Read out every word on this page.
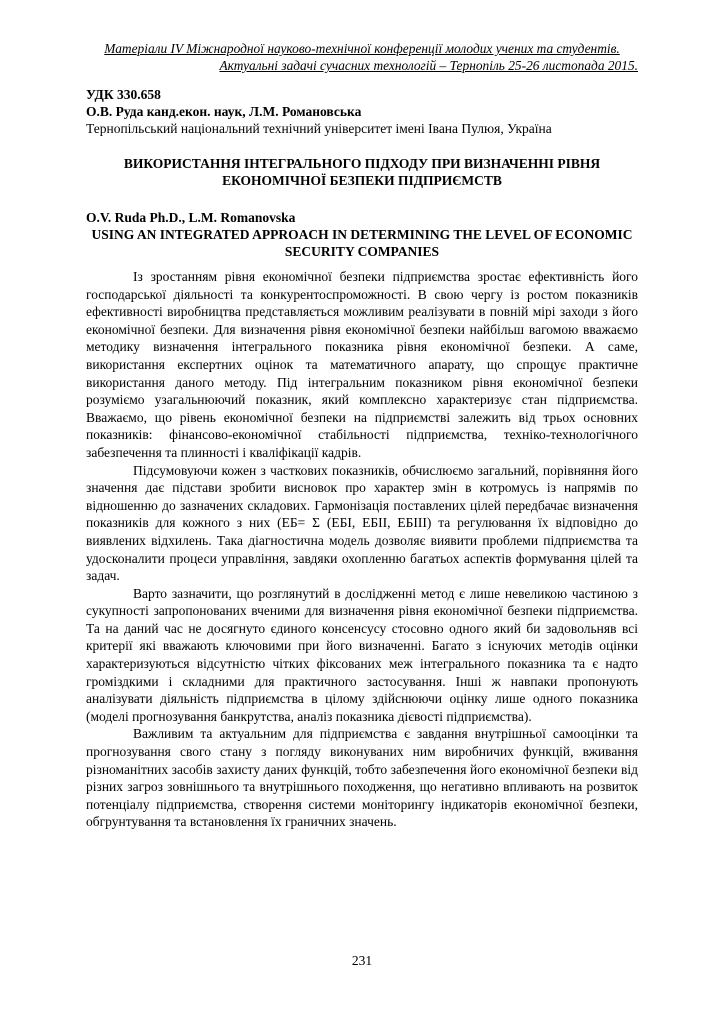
Матеріали IV Міжнародної науково-технічної конференції молодих учених та студентів.
Актуальні задачі сучасних технологій – Тернопіль 25-26 листопада 2015.
УДК 330.658
О.В. Руда канд.екон. наук, Л.М. Романовська
Тернопільський національний технічний університет імені Івана Пулюя, Україна
ВИКОРИСТАННЯ ІНТЕГРАЛЬНОГО ПІДХОДУ ПРИ ВИЗНАЧЕННІ РІВНЯ ЕКОНОМІЧНОЇ БЕЗПЕКИ ПІДПРИЄМСТВ
O.V. Ruda Ph.D., L.M. Romanovska
USING AN INTEGRATED APPROACH IN DETERMINING THE LEVEL OF ECONOMIC SECURITY COMPANIES

Із зростанням рівня економічної безпеки підприємства зростає ефективність його господарської діяльності та конкурентоспроможності. В свою чергу із ростом показників ефективності виробництва представляється можливим реалізувати в повній мірі заходи з його економічної безпеки. Для визначення рівня економічної безпеки найбільш вагомою вважаємо методику визначення інтегрального показника рівня економічної безпеки. А саме, використання експертних оцінок та математичного апарату, що спрощує практичне використання даного методу. Під інтегральним показником рівня економічної безпеки розуміємо узагальнюючий показник, який комплексно характеризує стан підприємства. Вважаємо, що рівень економічної безпеки на підприємстві залежить від трьох основних показників: фінансово-економічної стабільності підприємства, техніко-технологічного забезпечення та плинності і кваліфікації кадрів.

Підсумовуючи кожен з часткових показників, обчислюємо загальний, порівняння його значення дає підстави зробити висновок про характер змін в котромусь із напрямів по відношенню до зазначених складових. Гармонізація поставлених цілей передбачає визначення показників для кожного з них (ЕБ= Σ (ЕБІ, ЕБІІ, ЕБІІІ) та регулювання їх відповідно до виявлених відхилень. Така діагностична модель дозволяє виявити проблеми підприємства та удосконалити процеси управління, завдяки охопленню багатьох аспектів формування цілей та задач.

Варто зазначити, що розглянутий в дослідженні метод є лише невеликою частиною з сукупності запропонованих вченими для визначення рівня економічної безпеки підприємства. Та на даний час не досягнуто єдиного консенсусу стосовно одного який би задовольняв всі критерії які вважають ключовими при його визначенні. Багато з існуючих методів оцінки характеризуються відсутністю чітких фіксованих меж інтегрального показника та є надто громіздкими і складними для практичного застосування. Інші ж навпаки пропонують аналізувати діяльність підприємства в цілому здійснюючи оцінку лише одного показника (моделі прогнозування банкрутства, аналіз показника дієвості підприємства).

Важливим та актуальним для підприємства є завдання внутрішньої самооцінки та прогнозування свого стану з погляду виконуваних ним виробничих функцій, вживання різноманітних засобів захисту даних функцій, тобто забезпечення його економічної безпеки від різних загроз зовнішнього та внутрішнього походження, що негативно впливають на розвиток потенціалу підприємства, створення системи моніторингу індикаторів економічної безпеки, обгрунтування та встановлення їх граничних значень.

231
